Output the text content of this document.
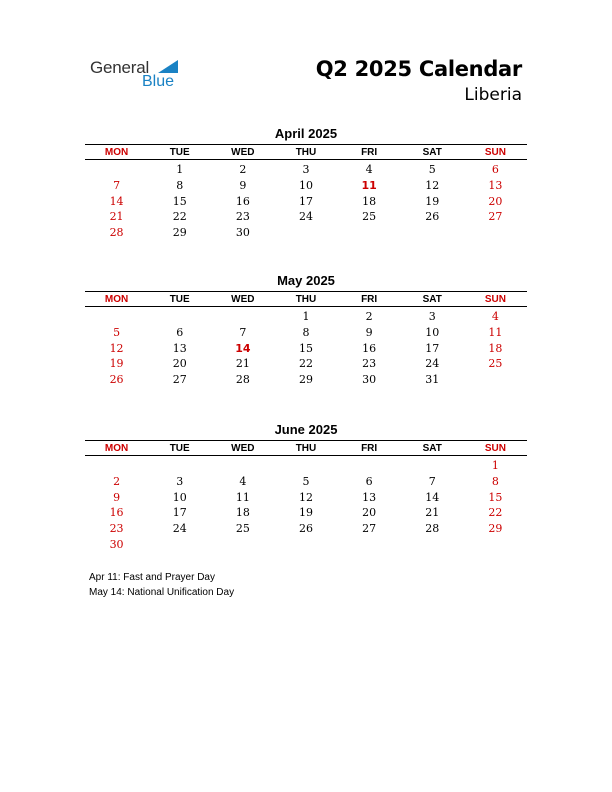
General
Blue
Q2 2025 Calendar
Liberia
April 2025
MON	TUE	WED	THU	FRI	SAT	SUN
	1	2	3	4	5	6
7	8	9	10	11	12	13
14	15	16	17	18	19	20
21	22	23	24	25	26	27
28	29	30				
May 2025
MON	TUE	WED	THU	FRI	SAT	SUN
			1	2	3	4
5	6	7	8	9	10	11
12	13	14	15	16	17	18
19	20	21	22	23	24	25
26	27	28	29	30	31	
June 2025
MON	TUE	WED	THU	FRI	SAT	SUN
						1
2	3	4	5	6	7	8
9	10	11	12	13	14	15
16	17	18	19	20	21	22
23	24	25	26	27	28	29
30						
Apr 11: Fast and Prayer Day
May 14: National Unification Day
